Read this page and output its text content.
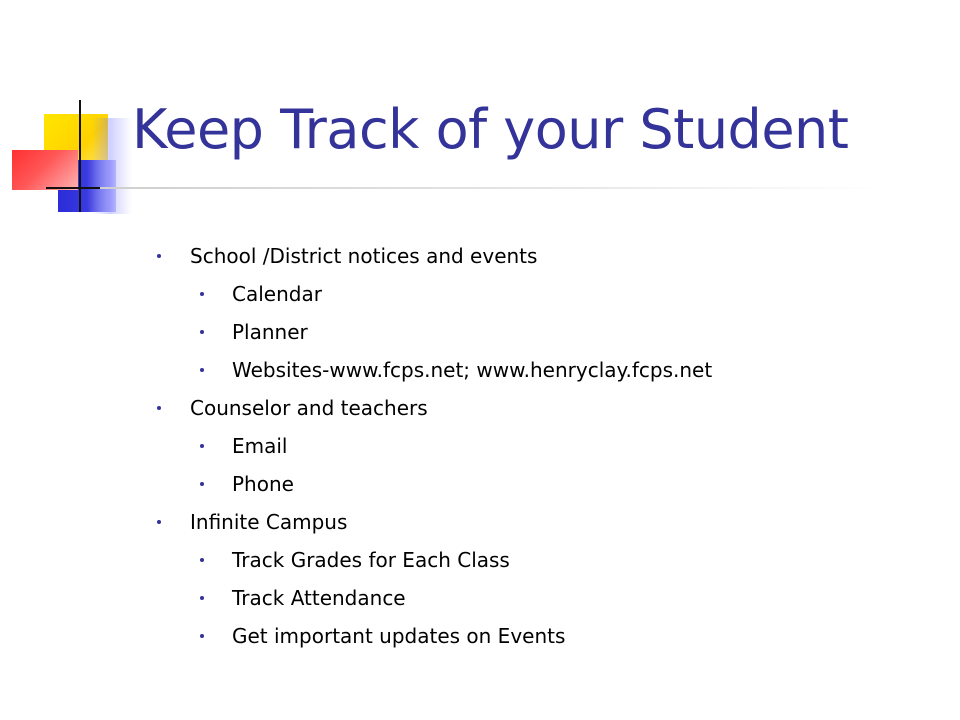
Keep Track of your Student
School /District notices and events
Calendar
Planner
Websites-www.fcps.net; www.henryclay.fcps.net
Counselor and teachers
Email
Phone
Infinite Campus
Track Grades for Each Class
Track Attendance
Get important updates on Events
